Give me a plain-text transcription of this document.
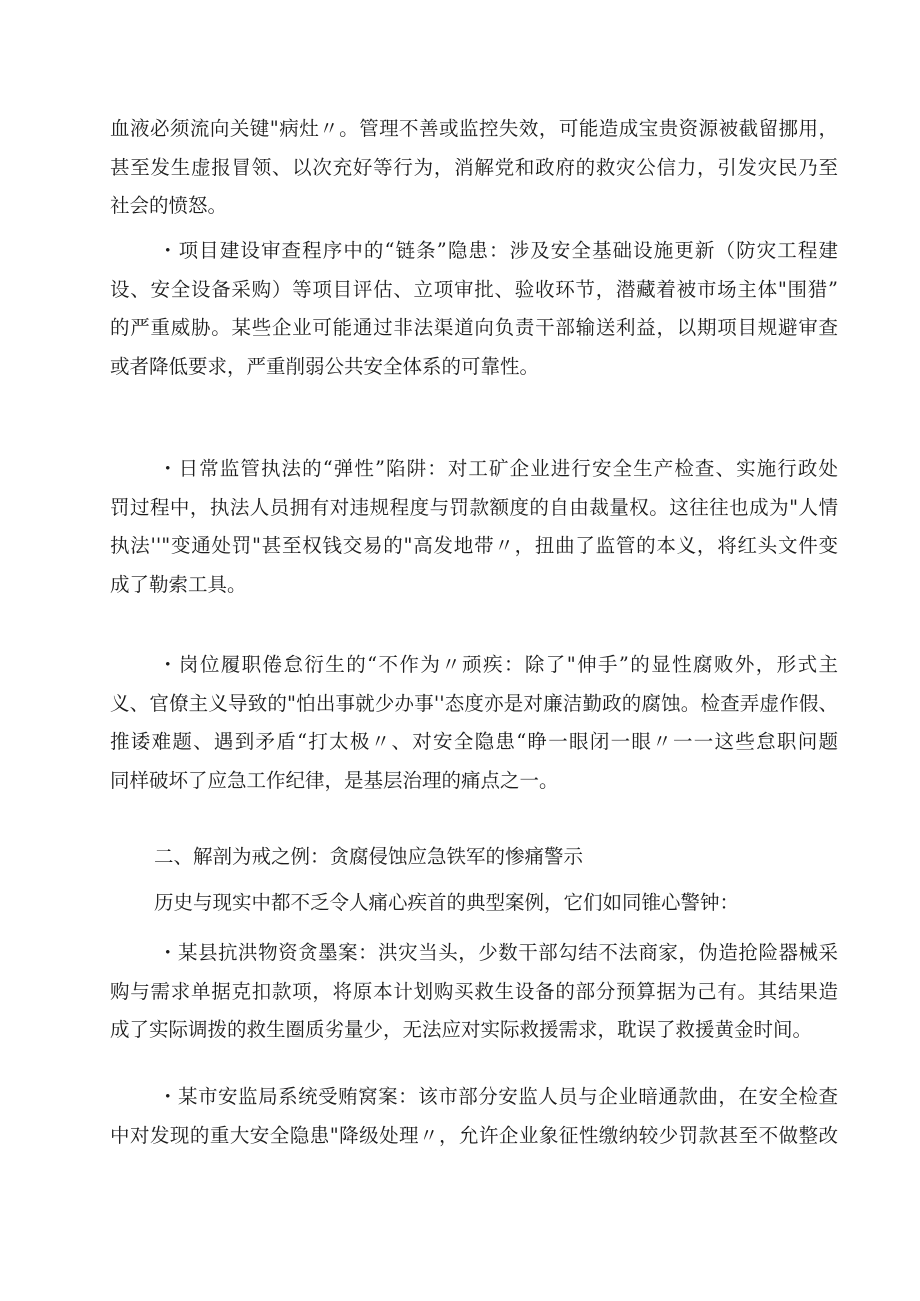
血液必须流向关键"病灶〃。管理不善或监控失效，可能造成宝贵资源被截留挪用，
甚至发生虚报冒领、以次充好等行为，消解党和政府的救灾公信力，引发灾民乃至
社会的愤怒。
・项目建设审查程序中的“链条”隐患：涉及安全基础设施更新（防灾工程建
设、安全设备采购）等项目评估、立项审批、验收环节，潜藏着被市场主体"围猎”
的严重威胁。某些企业可能通过非法渠道向负责干部输送利益，以期项目规避审查
或者降低要求，严重削弱公共安全体系的可靠性。
・日常监管执法的“弹性”陷阱：对工矿企业进行安全生产检查、实施行政处
罚过程中，执法人员拥有对违规程度与罚款额度的自由裁量权。这往往也成为"人情
执法''"变通处罚"甚至权钱交易的"高发地带〃，扭曲了监管的本义，将红头文件变
成了勒索工具。
・岗位履职倦怠衍生的“不作为〃顽疾：除了"伸手”的显性腐败外，形式主
义、官僚主义导致的"怕出事就少办事''态度亦是对廉洁勤政的腐蚀。检查弄虚作假、
推诿难题、遇到矛盾“打太极〃、对安全隐患“睁一眼闭一眼〃一一这些怠职问题
同样破坏了应急工作纪律，是基层治理的痛点之一。
二、解剖为戒之例：贪腐侵蚀应急铁军的惨痛警示
历史与现实中都不乏令人痛心疾首的典型案例，它们如同锥心警钟：
・某县抗洪物资贪墨案：洪灾当头，少数干部勾结不法商家，伪造抢险器械采
购与需求单据克扣款项，将原本计划购买救生设备的部分预算据为己有。其结果造
成了实际调拨的救生圈质劣量少，无法应对实际救援需求，耽误了救援黄金时间。
・某市安监局系统受贿窝案：该市部分安监人员与企业暗通款曲，在安全检查
中对发现的重大安全隐患"降级处理〃，允许企业象征性缴纳较少罚款甚至不做整改
